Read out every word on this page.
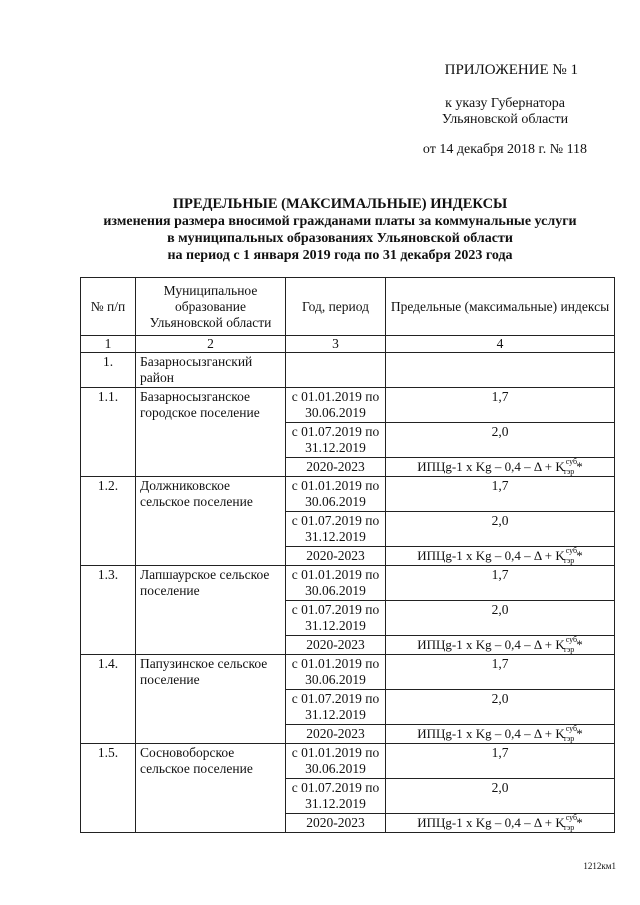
ПРИЛОЖЕНИЕ № 1
к указу Губернатора
Ульяновской области
от 14 декабря 2018 г. № 118
ПРЕДЕЛЬНЫЕ (МАКСИМАЛЬНЫЕ) ИНДЕКСЫ
изменения размера вносимой гражданами платы за коммунальные услуги
в муниципальных образованиях Ульяновской области
на период с 1 января 2019 года по 31 декабря 2023 года
№ п/п	Муниципальное образование Ульяновской области	Год, период	Предельные (максимальные) индексы
1	2	3	4
1.	Базарносызганский район		
1.1.	Базарносызганское городское поселение	с 01.01.2019 по 30.06.2019	1,7
		с 01.07.2019 по 31.12.2019	2,0
		2020-2023	ИПЦg-1 х $Kg - 0,4 - \Delta + K^{суб}_{тэр}$ *
1.2.	Должниковское сельское поселение	с 01.01.2019 по 30.06.2019	1,7
		с 01.07.2019 по 31.12.2019	2,0
		2020-2023	ИПЦg-1 х $Kg - 0,4 - \Delta + K^{суб}_{тэр}$ *
1.3.	Лапшаурское сельское поселение	с 01.01.2019 по 30.06.2019	1,7
		с 01.07.2019 по 31.12.2019	2,0
		2020-2023	ИПЦg-1 х $Kg - 0,4 - \Delta + K^{суб}_{тэр}$ *
1.4.	Папузинское сельское поселение	с 01.01.2019 по 30.06.2019	1,7
		с 01.07.2019 по 31.12.2019	2,0
		2020-2023	ИПЦg-1 х $Kg - 0,4 - \Delta + K^{суб}_{тэр}$ *
1.5.	Сосновоборское сельское поселение	с 01.01.2019 по 30.06.2019	1,7
		с 01.07.2019 по 31.12.2019	2,0
		2020-2023	ИПЦg-1 х $Kg - 0,4 - \Delta + K^{суб}_{тэр}$ *
1212км1
